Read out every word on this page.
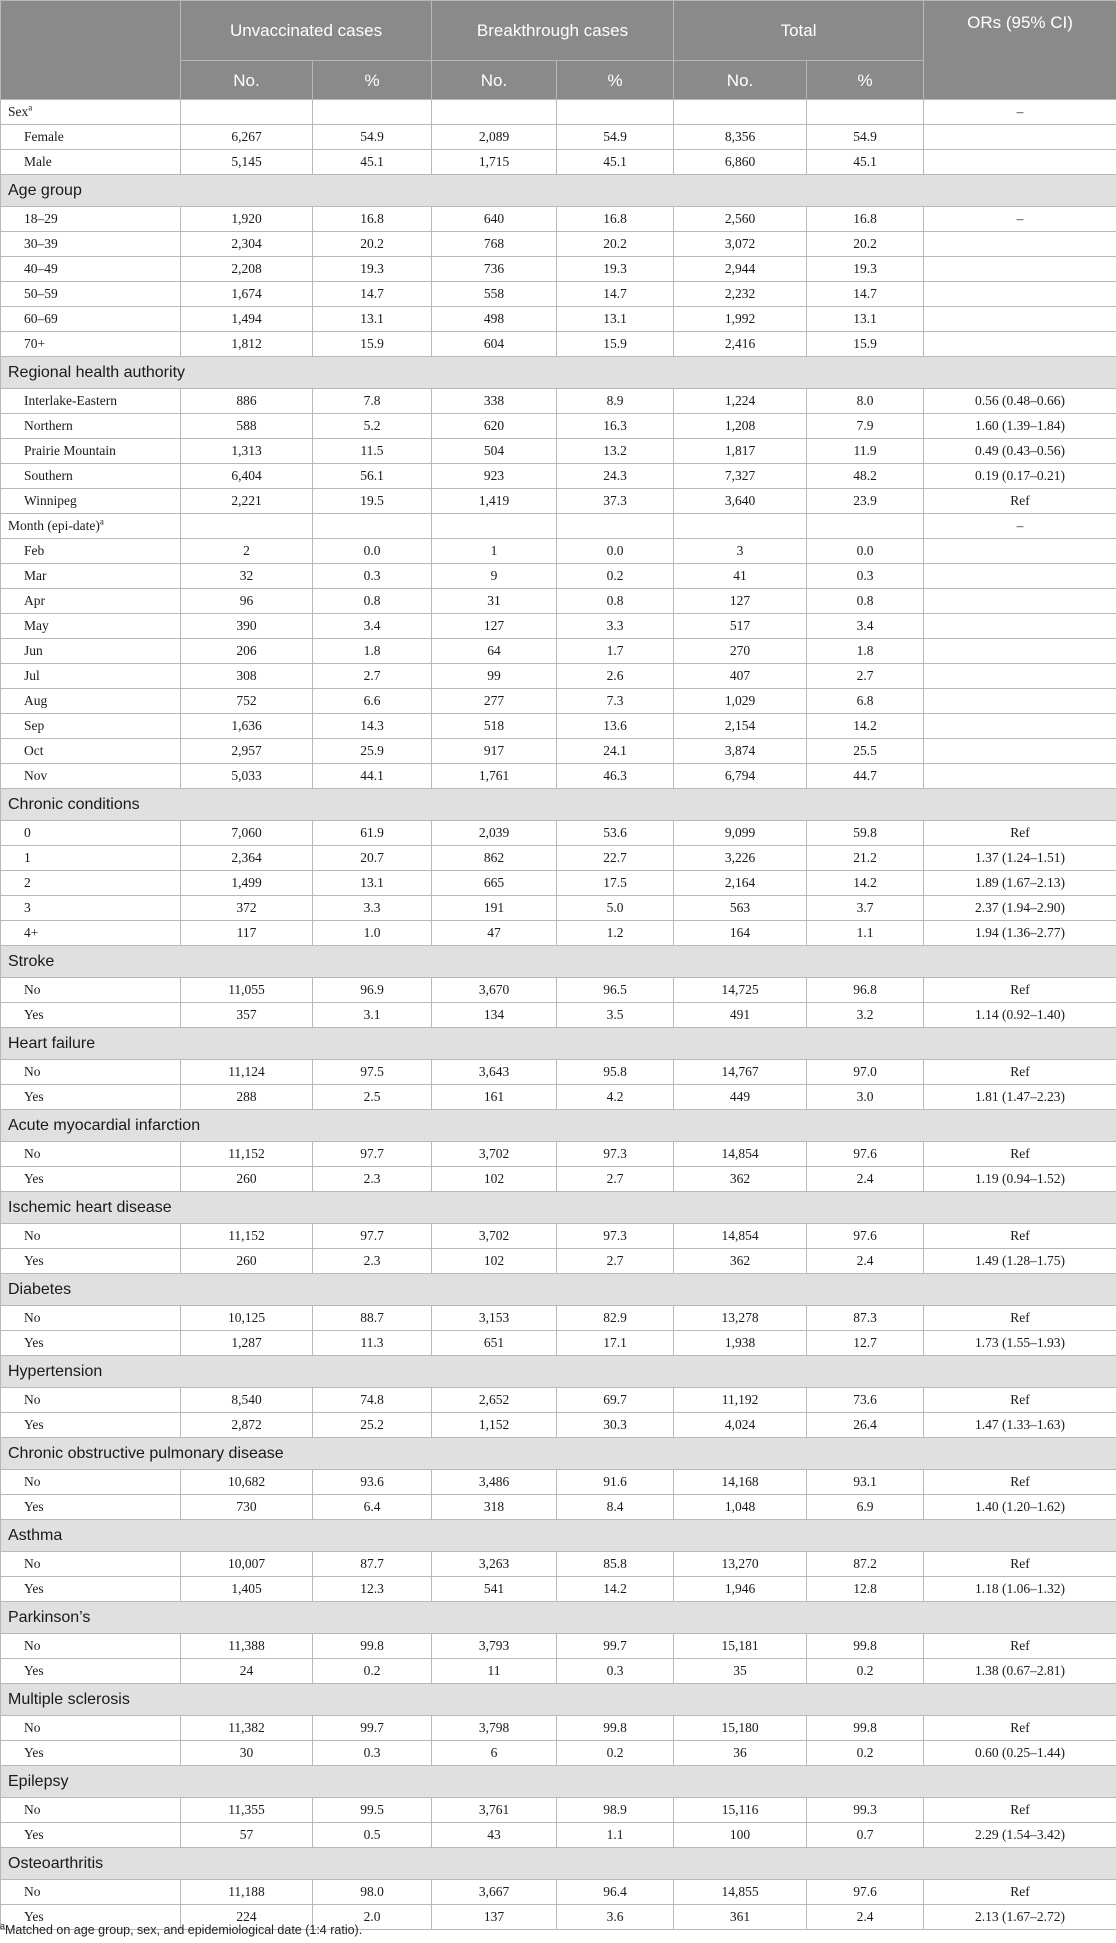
	Unvaccinated cases		Breakthrough cases		Total		ORs (95% CI)
	No.	%	No.	%	No.	%	
Sex$^a$							–
Female	6,267	54.9	2,089	54.9	8,356	54.9	
Male	5,145	45.1	1,715	45.1	6,860	45.1	
Age group							
18–29	1,920	16.8	640	16.8	2,560	16.8	–
30–39	2,304	20.2	768	20.2	3,072	20.2	
40–49	2,208	19.3	736	19.3	2,944	19.3	
50–59	1,674	14.7	558	14.7	2,232	14.7	
60–69	1,494	13.1	498	13.1	1,992	13.1	
70+	1,812	15.9	604	15.9	2,416	15.9	
Regional health authority							
Interlake-Eastern	886	7.8	338	8.9	1,224	8.0	0.56 (0.48–0.66)
Northern	588	5.2	620	16.3	1,208	7.9	1.60 (1.39–1.84)
Prairie Mountain	1,313	11.5	504	13.2	1,817	11.9	0.49 (0.43–0.56)
Southern	6,404	56.1	923	24.3	7,327	48.2	0.19 (0.17–0.21)
Winnipeg	2,221	19.5	1,419	37.3	3,640	23.9	Ref
Month (epi-date)$^a$							–
Feb	2	0.0	1	0.0	3	0.0	
Mar	32	0.3	9	0.2	41	0.3	
Apr	96	0.8	31	0.8	127	0.8	
May	390	3.4	127	3.3	517	3.4	
Jun	206	1.8	64	1.7	270	1.8	
Jul	308	2.7	99	2.6	407	2.7	
Aug	752	6.6	277	7.3	1,029	6.8	
Sep	1,636	14.3	518	13.6	2,154	14.2	
Oct	2,957	25.9	917	24.1	3,874	25.5	
Nov	5,033	44.1	1,761	46.3	6,794	44.7	
Chronic conditions							
0	7,060	61.9	2,039	53.6	9,099	59.8	Ref
1	2,364	20.7	862	22.7	3,226	21.2	1.37 (1.24–1.51)
2	1,499	13.1	665	17.5	2,164	14.2	1.89 (1.67–2.13)
3	372	3.3	191	5.0	563	3.7	2.37 (1.94–2.90)
4+	117	1.0	47	1.2	164	1.1	1.94 (1.36–2.77)
Stroke							
No	11,055	96.9	3,670	96.5	14,725	96.8	Ref
Yes	357	3.1	134	3.5	491	3.2	1.14 (0.92–1.40)
Heart failure							
No	11,124	97.5	3,643	95.8	14,767	97.0	Ref
Yes	288	2.5	161	4.2	449	3.0	1.81 (1.47–2.23)
Acute myocardial infarction							
No	11,152	97.7	3,702	97.3	14,854	97.6	Ref
Yes	260	2.3	102	2.7	362	2.4	1.19 (0.94–1.52)
Ischemic heart disease							
No	11,152	97.7	3,702	97.3	14,854	97.6	Ref
Yes	260	2.3	102	2.7	362	2.4	1.49 (1.28–1.75)
Diabetes							
No	10,125	88.7	3,153	82.9	13,278	87.3	Ref
Yes	1,287	11.3	651	17.1	1,938	12.7	1.73 (1.55–1.93)
Hypertension							
No	8,540	74.8	2,652	69.7	11,192	73.6	Ref
Yes	2,872	25.2	1,152	30.3	4,024	26.4	1.47 (1.33–1.63)
Chronic obstructive pulmonary disease							
No	10,682	93.6	3,486	91.6	14,168	93.1	Ref
Yes	730	6.4	318	8.4	1,048	6.9	1.40 (1.20–1.62)
Asthma							
No	10,007	87.7	3,263	85.8	13,270	87.2	Ref
Yes	1,405	12.3	541	14.2	1,946	12.8	1.18 (1.06–1.32)
Parkinson’s							
No	11,388	99.8	3,793	99.7	15,181	99.8	Ref
Yes	24	0.2	11	0.3	35	0.2	1.38 (0.67–2.81)
Multiple sclerosis							
No	11,382	99.7	3,798	99.8	15,180	99.8	Ref
Yes	30	0.3	6	0.2	36	0.2	0.60 (0.25–1.44)
Epilepsy							
No	11,355	99.5	3,761	98.9	15,116	99.3	Ref
Yes	57	0.5	43	1.1	100	0.7	2.29 (1.54–3.42)
Osteoarthritis							
No	11,188	98.0	3,667	96.4	14,855	97.6	Ref
Yes	224	2.0	137	3.6	361	2.4	2.13 (1.67–2.72)
$^a$Matched on age group, sex, and epidemiological date (1:4 ratio).
